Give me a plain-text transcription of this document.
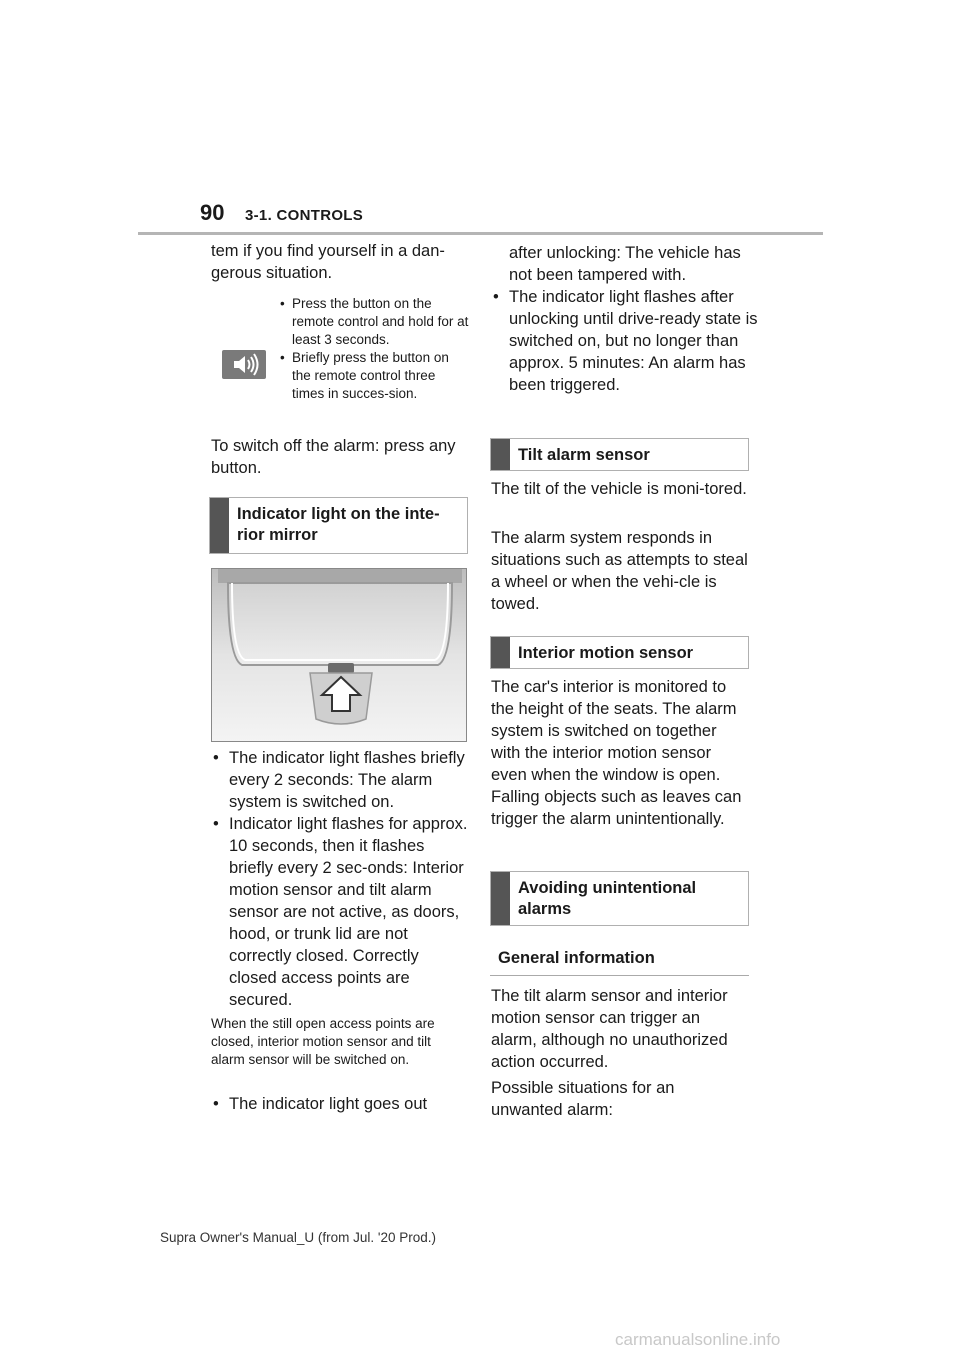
90 3-1. CONTROLS

tem if you find yourself in a dan-gerous situation.

• Press the button on the remote control and hold for at least 3 seconds.
• Briefly press the button on the remote control three times in succes-sion.

To switch off the alarm: press any button.

When the still open access points are closed, interior motion sensor and tilt alarm sensor will be switched on.

Indicator light on the inte-rior mirror
• The indicator light flashes briefly every 2 seconds: The alarm system is switched on.
• Indicator light flashes for approx. 10 seconds, then it flashes briefly every 2 sec-onds: Interior motion sensor and tilt alarm sensor are not active, as doors, hood, or trunk lid are not correctly closed. Correctly closed access points are secured.
• The indicator light goes out

after unlocking: The vehicle has not been tampered with.

• The indicator light flashes after unlocking until drive-ready state is switched on, but no longer than approx. 5 minutes: An alarm has been triggered.
Tilt alarm sensor

The tilt of the vehicle is moni-tored.

The alarm system responds in situations such as attempts to steal a wheel or when the vehi-cle is towed.

Interior motion sensor

The car's interior is monitored to the height of the seats. The alarm system is switched on together with the interior motion sensor even when the window is open. Falling objects such as leaves can trigger the alarm unintentionally.

Avoiding unintentional alarms
General information

The tilt alarm sensor and interior motion sensor can trigger an alarm, although no unauthorized action occurred.

Possible situations for an unwanted alarm:

Supra Owner's Manual_U (from Jul. '20 Prod.)
carmanualsonline.info
